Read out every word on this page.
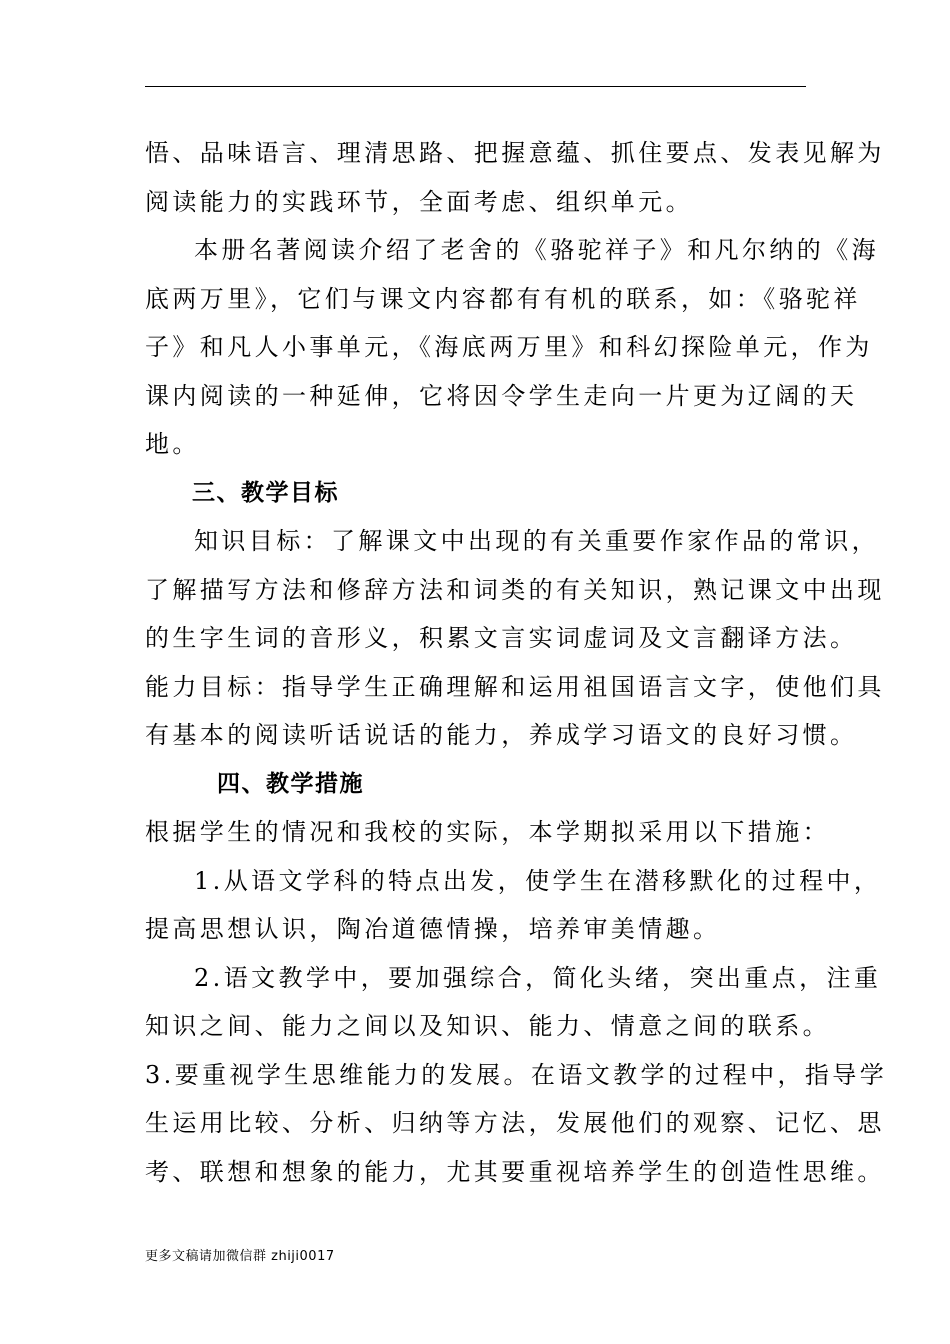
悟、品味语言、理清思路、把握意蕴、抓住要点、发表见解为
阅读能力的实践环节，全面考虑、组织单元。
本册名著阅读介绍了老舍的《骆驼祥子》和凡尔纳的《海
底两万里》，它们与课文内容都有有机的联系，如：《骆驼祥
子》和凡人小事单元，《海底两万里》和科幻探险单元，作为
课内阅读的一种延伸，它将因令学生走向一片更为辽阔的天
地。
三、教学目标
知识目标：了解课文中出现的有关重要作家作品的常识，
了解描写方法和修辞方法和词类的有关知识，熟记课文中出现
的生字生词的音形义，积累文言实词虚词及文言翻译方法。
能力目标：指导学生正确理解和运用祖国语言文字，使他们具
有基本的阅读听话说话的能力，养成学习语文的良好习惯。
四、教学措施
根据学生的情况和我校的实际，本学期拟采用以下措施：
1.从语文学科的特点出发，使学生在潜移默化的过程中，
提高思想认识，陶冶道德情操，培养审美情趣。
2.语文教学中，要加强综合，简化头绪，突出重点，注重
知识之间、能力之间以及知识、能力、情意之间的联系。
3.要重视学生思维能力的发展。在语文教学的过程中，指导学
生运用比较、分析、归纳等方法，发展他们的观察、记忆、思
考、联想和想象的能力，尤其要重视培养学生的创造性思维。
更多文稿请加微信群 zhiji0017
